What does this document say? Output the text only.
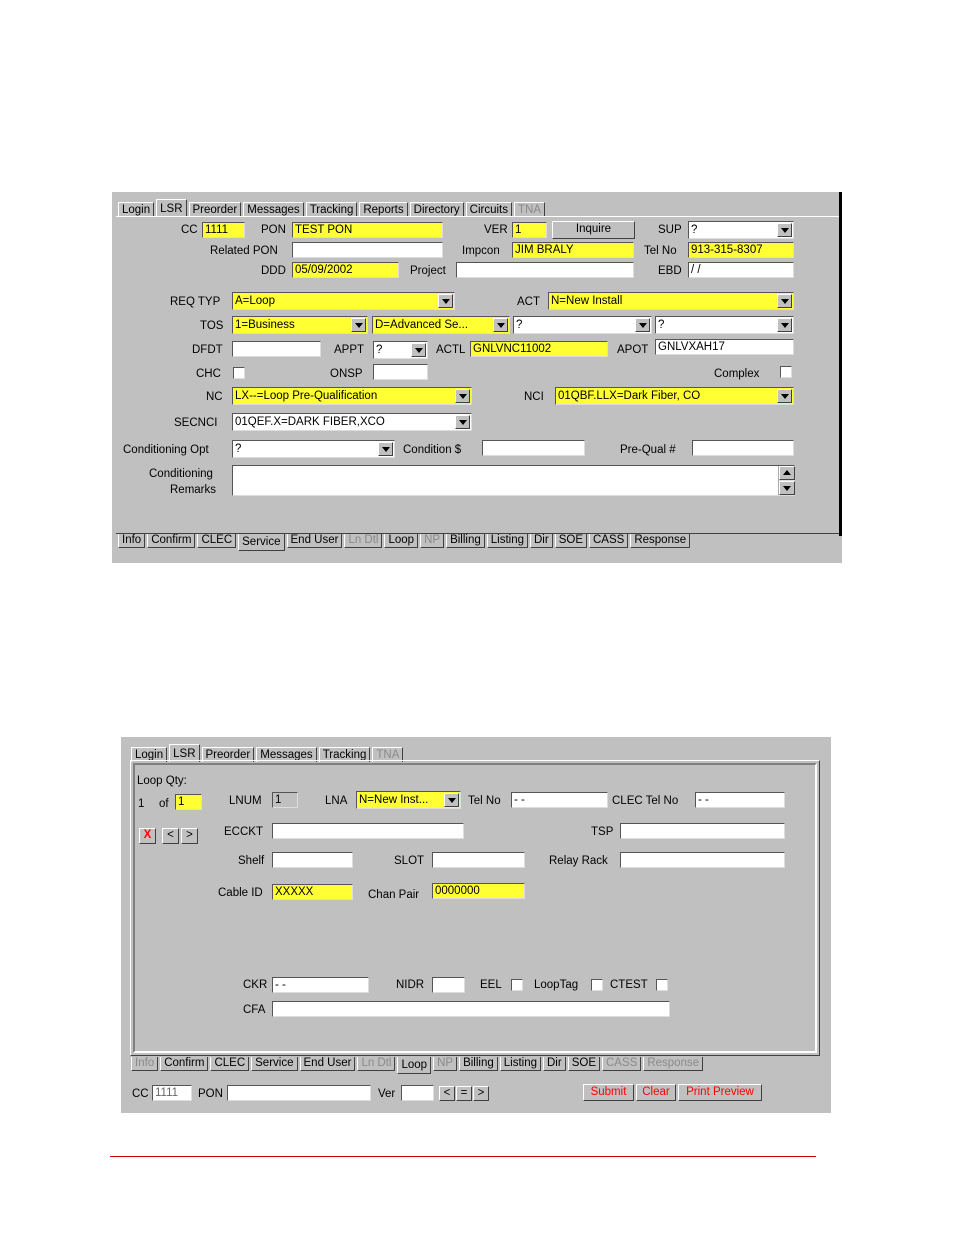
Login LSR Preorder Messages Tracking Reports Directory Circuits TNA
CC 1111	PON TEST PON	VER 1	Inquire	SUP ?
Related PON	Impcon JIM BRALY	Tel No 913-315-8307
DDD 05/09/2002	Project	EBD / /
REQ TYP A=Loop	ACT N=New Install
TOS 1=Business	D=Advanced Se...	?	?
DFDT	APPT ?	ACTL GNLVNC11002	APOT GNLVXAH17
CHC	ONSP	Complex
NC LX--=Loop Pre-Qualification	NCI 01QBF.LLX=Dark Fiber, CO
SECNCI 01QEF.X=DARK FIBER,XCO
Conditioning Opt ?	Condition $	Pre-Qual #
Conditioning
Remarks
Info Confirm CLEC Service End User Ln Dtl Loop NP Billing Listing Dir SOE CASS Response
Login LSR Preorder Messages Tracking TNA
Loop Qty:
1 of 1	LNUM 1	LNA N=New Inst...	Tel No - -	CLEC Tel No - -
X	<	>	ECCKT	TSP
Shelf	SLOT	Relay Rack
Cable ID XXXXX	Chan Pair 0000000
CKR - -	NIDR	EEL	LoopTag	CTEST
CFA
Info Confirm CLEC Service End User Ln Dtl Loop NP Billing Listing Dir SOE CASS Response
CC 1111	PON	Ver	< = >	Submit	Clear	Print Preview
